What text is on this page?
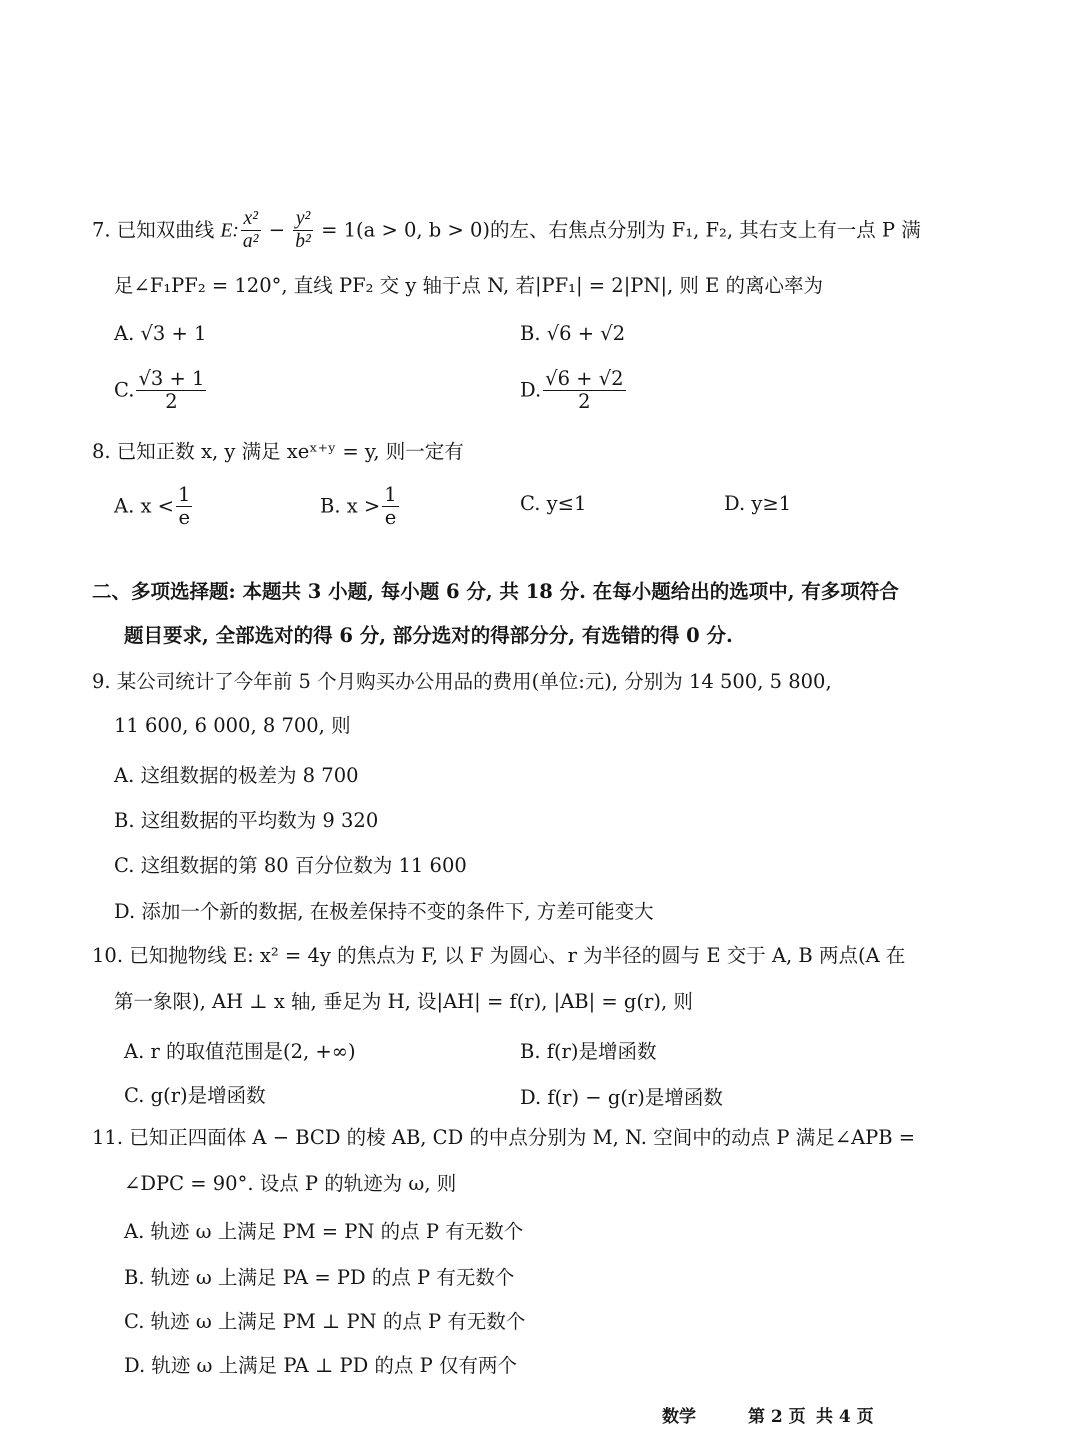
7. 已知双曲线 E: $\frac{\text{x²}}{\text{a²}} - \frac{\text{y²}}{\text{b²}} = 1(a > 0$, b > 0)的左、右焦点分别为 F₁, F₂, 其右支上有一点 P 满
足∠F₁PF₂ = 120°, 直线 PF₂ 交 y 轴于点 N, 若|PF₁| = 2|PN|, 则 E 的离心率为
A. √3 + 1	B. √6 + √2
C. $\frac{√3 + 1}{2}$	D. $\frac{√6 + √2}{2}$
8. 已知正数 x, y 满足 xeˣ⁺ʸ = y, 则一定有
A. $x < \frac{1}{e}$	B. $x > \frac{1}{e}$	C. y≤1	D. y≥1
二、多项选择题: 本题共 3 小题, 每小题 6 分, 共 18 分. 在每小题给出的选项中, 有多项符合
题目要求, 全部选对的得 6 分, 部分选对的得部分分, 有选错的得 0 分.
9. 某公司统计了今年前 5 个月购买办公用品的费用(单位:元), 分别为 14 500, 5 800,
11 600, 6 000, 8 700, 则
A. 这组数据的极差为 8 700
B. 这组数据的平均数为 9 320
C. 这组数据的第 80 百分位数为 11 600
D. 添加一个新的数据, 在极差保持不变的条件下, 方差可能变大
10. 已知抛物线 E: x² = 4y 的焦点为 F, 以 F 为圆心、r 为半径的圆与 E 交于 A, B 两点(A 在
第一象限), AH ⊥ x 轴, 垂足为 H, 设|AH| = f(r), |AB| = g(r), 则
A. r 的取值范围是(2, +∞)	B. f(r)是增函数
C. g(r)是增函数	D. f(r) − g(r)是增函数
11. 已知正四面体 A − BCD 的棱 AB, CD 的中点分别为 M, N. 空间中的动点 P 满足∠APB =
∠DPC = 90°. 设点 P 的轨迹为 ω, 则
A. 轨迹 ω 上满足 PM = PN 的点 P 有无数个
B. 轨迹 ω 上满足 PA = PD 的点 P 有无数个
C. 轨迹 ω 上满足 PM ⊥ PN 的点 P 有无数个
D. 轨迹 ω 上满足 PA ⊥ PD 的点 P 仅有两个
数学	第 2 页 共 4 页
